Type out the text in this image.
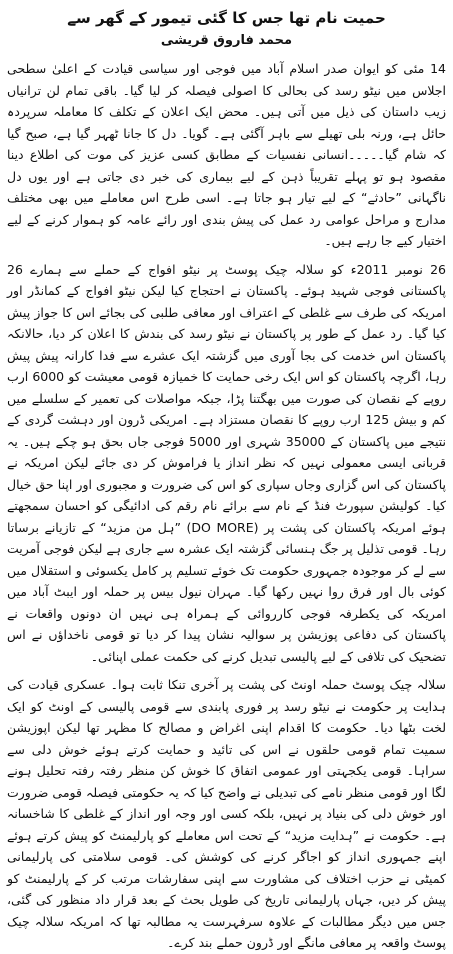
حمیت نام تھا جس کا گئی تیمور کے گھر سے
محمد فاروق قریشی

14 مئی کو ایوان صدر اسلام آباد میں فوجی اور سیاسی قیادت کے اعلیٰ سطحی اجلاس میں نیٹو رسد کی بحالی کا اصولی فیصلہ کر لیا گیا۔ باقی تمام لن ترانیاں زیب داستان کی ذیل میں آتی ہیں۔ محض ایک اعلان کے تکلف کا معاملہ سرپردہ حائل ہے، ورنہ بلی تھیلے سے باہر آگئی ہے۔ گویا۔ دل کا جانا ٹھہر گیا ہے، صبح گیا کہ شام گیا۔۔۔۔۔انسانی نفسیات کے مطابق کسی عزیز کی موت کی اطلاع دینا مقصود ہو تو پہلے تقریباً ذہن کے لیے بیماری کی خبر دی جاتی ہے اور یوں دل ناگہانی ”حادثے“ کے لیے تیار ہو جاتا ہے۔ اسی طرح اس معاملے میں بھی مختلف مدارج و مراحل عوامی رد عمل کی پیش بندی اور رائے عامہ کو ہموار کرنے کے لیے اختیار کیے جا رہے ہیں۔

26 نومبر 2011ء کو سلالہ چیک پوسٹ پر نیٹو افواج کے حملے سے ہمارے 26 پاکستانی فوجی شہید ہوئے۔ پاکستان نے احتجاج کیا لیکن نیٹو افواج کے کمانڈر اور امریکہ کی طرف سے غلطی کے اعتراف اور معافی طلبی کی بجائے اس کا جواز پیش کیا گیا۔ رد عمل کے طور پر پاکستان نے نیٹو رسد کی بندش کا اعلان کر دیا، حالانکہ پاکستان اس خدمت کی بجا آوری میں گزشتہ ایک عشرے سے فدا کارانہ پیش پیش رہا، اگرچہ پاکستان کو اس ایک رخی حمایت کا خمیازہ قومی معیشت کو 6000 ارب روپے کے نقصان کی صورت میں بھگتنا پڑا، جبکہ مواصلات کی تعمیر کے سلسلے میں کم و بیش 125 ارب روپے کا نقصان مستزاد ہے۔ امریکی ڈرون اور دہشت گردی کے نتیجے میں پاکستان کے 35000 شہری اور 5000 فوجی جاں بحق ہو چکے ہیں۔ یہ قربانی ایسی معمولی نہیں کہ نظر انداز یا فراموش کر دی جائے لیکن امریکہ نے پاکستان کی اس گزاری وجاں سپاری کو اس کی ضرورت و مجبوری اور اپنا حق خیال کیا۔ کولیشن سپورٹ فنڈ کے نام سے برائے نام رقم کی ادائیگی کو احسان سمجھتے ہوئے امریکہ پاکستان کی پشت پر (DO MORE) ”ہل من مزید“ کے تازیانے برساتا رہا۔ قومی تذلیل پر جگ ہنسائی گزشتہ ایک عشرہ سے جاری ہے لیکن فوجی آمریت سے لے کر موجودہ جمہوری حکومت تک خوئے تسلیم پر کامل یکسوئی و استقلال میں کوئی بال اور فرق روا نہیں رکھا گیا۔ مہران نیول بیس پر حملہ اور ایبٹ آباد میں امریکہ کی یکطرفہ فوجی کارروائی کے ہمراہ ہی نہیں ان دونوں واقعات نے پاکستان کی دفاعی پوزیشن پر سوالیہ نشان پیدا کر دیا تو قومی ناخداؤں نے اس تضحیک کی تلافی کے لیے پالیسی تبدیل کرنے کی حکمت عملی اپنائی۔

سلالہ چیک پوسٹ حملہ اونٹ کی پشت پر آخری تنکا ثابت ہوا۔ عسکری قیادت کی ہدایت پر حکومت نے نیٹو رسد پر فوری پابندی سے قومی پالیسی کے اونٹ کو ایک لخت بٹھا دیا۔ حکومت کا اقدام اپنی اغراض و مصالح کا مظہر تھا لیکن اپوزیشن سمیت تمام قومی حلقوں نے اس کی تائید و حمایت کرتے ہوئے خوش دلی سے سراہا۔ قومی یکجہتی اور عمومی اتفاق کا خوش کن منظر رفتہ رفتہ تحلیل ہونے لگا اور قومی منظر نامے کی تبدیلی نے واضح کیا کہ یہ حکومتی فیصلہ قومی ضرورت اور خوش دلی کی بنیاد پر نہیں، بلکہ کسی اور وجہ اور انداز کے غلطی کا شاخسانہ ہے۔ حکومت نے ”ہدایت مزید“ کے تحت اس معاملے کو پارلیمنٹ کو پیش کرتے ہوئے اپنے جمہوری انداز کو اجاگر کرنے کی کوشش کی۔ قومی سلامتی کی پارلیمانی کمیٹی نے حزب اختلاف کی مشاورت سے اپنی سفارشات مرتب کر کے پارلیمنٹ کو پیش کر دیں، جہاں پارلیمانی تاریخ کی طویل بحث کے بعد قرار داد منظور کی گئی، جس میں دیگر مطالبات کے علاوہ سرفہرست یہ مطالبہ تھا کہ امریکہ سلالہ چیک پوسٹ واقعہ پر معافی مانگے اور ڈرون حملے بند کرے۔
